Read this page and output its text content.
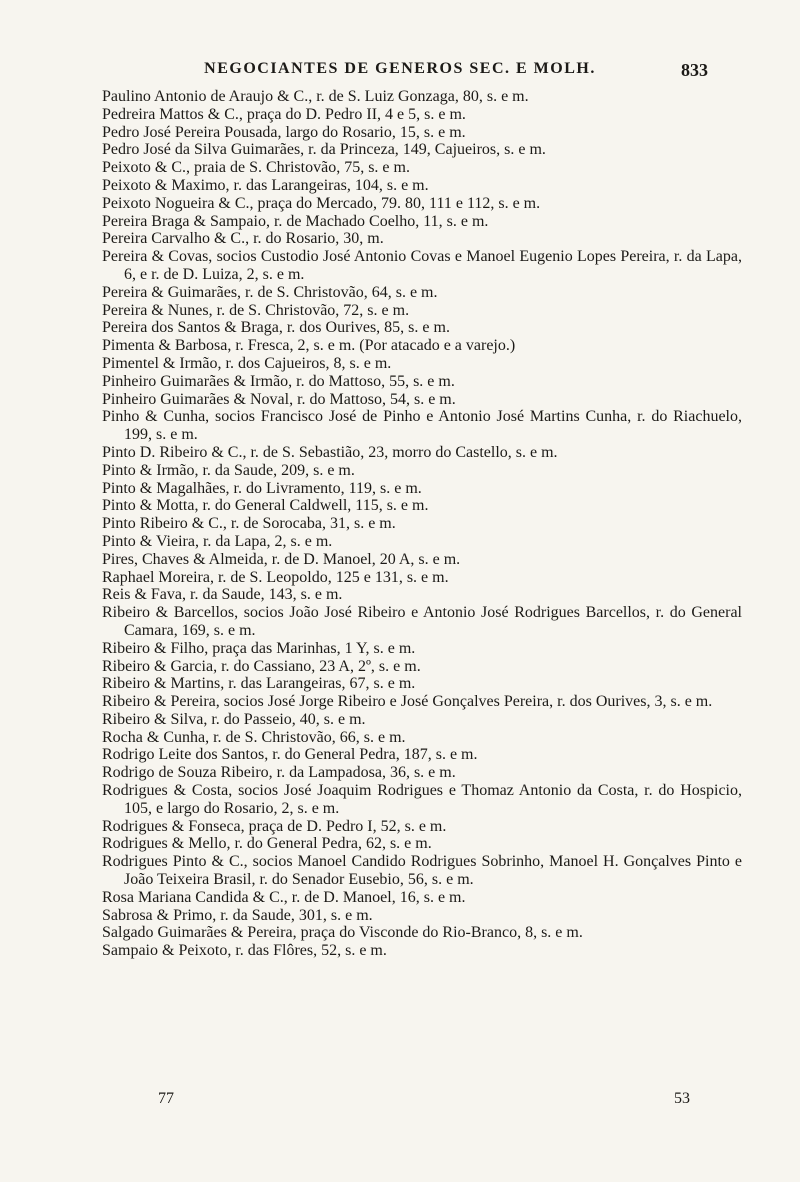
NEGOCIANTES DE GENEROS SEC. E MOLH.	833
Paulino Antonio de Araujo & C., r. de S. Luiz Gonzaga, 80, s. e m.
Pedreira Mattos & C., praça do D. Pedro II, 4 e 5, s. e m.
Pedro José Pereira Pousada, largo do Rosario, 15, s. e m.
Pedro José da Silva Guimarães, r. da Princeza, 149, Cajueiros, s. e m.
Peixoto & C., praia de S. Christovão, 75, s. e m.
Peixoto & Maximo, r. das Larangeiras, 104, s. e m.
Peixoto Nogueira & C., praça do Mercado, 79. 80, 111 e 112, s. e m.
Pereira Braga & Sampaio, r. de Machado Coelho, 11, s. e m.
Pereira Carvalho & C., r. do Rosario, 30, m.
Pereira & Covas, socios Custodio José Antonio Covas e Manoel Eugenio Lopes Pereira, r. da Lapa, 6, e r. de D. Luiza, 2, s. e m.
Pereira & Guimarães, r. de S. Christovão, 64, s. e m.
Pereira & Nunes, r. de S. Christovão, 72, s. e m.
Pereira dos Santos & Braga, r. dos Ourives, 85, s. e m.
Pimenta & Barbosa, r. Fresca, 2, s. e m. (Por atacado e a varejo.)
Pimentel & Irmão, r. dos Cajueiros, 8, s. e m.
Pinheiro Guimarães & Irmão, r. do Mattoso, 55, s. e m.
Pinheiro Guimarães & Noval, r. do Mattoso, 54, s. e m.
Pinho & Cunha, socios Francisco José de Pinho e Antonio José Martins Cunha, r. do Riachuelo, 199, s. e m.
Pinto D. Ribeiro & C., r. de S. Sebastião, 23, morro do Castello, s. e m.
Pinto & Irmão, r. da Saude, 209, s. e m.
Pinto & Magalhães, r. do Livramento, 119, s. e m.
Pinto & Motta, r. do General Caldwell, 115, s. e m.
Pinto Ribeiro & C., r. de Sorocaba, 31, s. e m.
Pinto & Vieira, r. da Lapa, 2, s. e m.
Pires, Chaves & Almeida, r. de D. Manoel, 20 A, s. e m.
Raphael Moreira, r. de S. Leopoldo, 125 e 131, s. e m.
Reis & Fava, r. da Saude, 143, s. e m.
Ribeiro & Barcellos, socios João José Ribeiro e Antonio José Rodrigues Barcellos, r. do General Camara, 169, s. e m.
Ribeiro & Filho, praça das Marinhas, 1 Y, s. e m.
Ribeiro & Garcia, r. do Cassiano, 23 A, 2º, s. e m.
Ribeiro & Martins, r. das Larangeiras, 67, s. e m.
Ribeiro & Pereira, socios José Jorge Ribeiro e José Gonçalves Pereira, r. dos Ourives, 3, s. e m.
Ribeiro & Silva, r. do Passeio, 40, s. e m.
Rocha & Cunha, r. de S. Christovão, 66, s. e m.
Rodrigo Leite dos Santos, r. do General Pedra, 187, s. e m.
Rodrigo de Souza Ribeiro, r. da Lampadosa, 36, s. e m.
Rodrigues & Costa, socios José Joaquim Rodrigues e Thomaz Antonio da Costa, r. do Hospicio, 105, e largo do Rosario, 2, s. e m.
Rodrigues & Fonseca, praça de D. Pedro I, 52, s. e m.
Rodrigues & Mello, r. do General Pedra, 62, s. e m.
Rodrigues Pinto & C., socios Manoel Candido Rodrigues Sobrinho, Manoel H. Gonçalves Pinto e João Teixeira Brasil, r. do Senador Eusebio, 56, s. e m.
Rosa Mariana Candida & C., r. de D. Manoel, 16, s. e m.
Sabrosa & Primo, r. da Saude, 301, s. e m.
Salgado Guimarães & Pereira, praça do Visconde do Rio-Branco, 8, s. e m.
Sampaio & Peixoto, r. das Flôres, 52, s. e m.
77	53
